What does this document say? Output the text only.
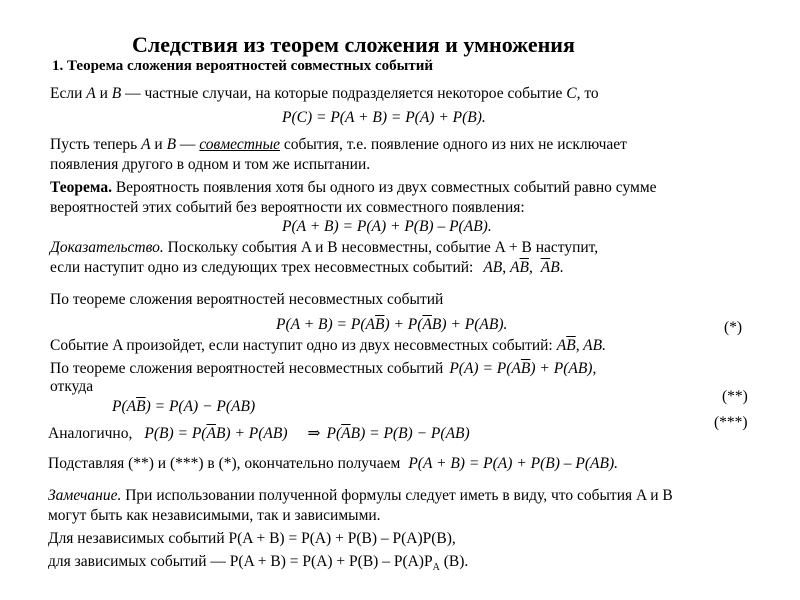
Следствия из теорем сложения и умножения
1. Теорема сложения вероятностей совместных событий
Если A и B — частные случаи, на которые подразделяется некоторое событие C, то
P(C) = P(A + B) = P(A) + P(B).
Пусть теперь A и B — совместные события, т.е. появление одного из них не исключает
появления другого в одном и том же испытании.
Теорема. Вероятность появления хотя бы одного из двух совместных событий равно сумме
вероятностей этих событий без вероятности их совместного появления:
P(A + B) = P(A) + P(B) – P(AB).
Доказательство. Поскольку события A и B несовместны, событие A + B наступит,
если наступит одно из следующих трех несовместных событий: AB, $A\overline{B}$, $\overline{A}B$.
По теореме сложения вероятностей несовместных событий
$P(A + B) = P(A\overline{B}) + P(\overline{A}B) + P(AB)$.	(*)
Событие A произойдет, если наступит одно из двух несовместных событий: $A\overline{B}$, AB.
По теореме сложения вероятностей несовместных событий $P(A) = P(A\overline{B}) + P(AB)$,
откуда
$P(A\overline{B}) = P(A) - P(AB)$
(**)
(***)
Аналогично, $P(B) = P(\overline{A}B) + P(AB)$ ⇒ $P(\overline{A}B) = P(B) - P(AB)$
Подставляя (**) и (***) в (*), окончательно получаем P(A + B) = P(A) + P(B) – P(AB).
Замечание. При использовании полученной формулы следует иметь в виду, что события A и B
могут быть как независимыми, так и зависимыми.
Для независимых событий P(A + B) = P(A) + P(B) – P(A)P(B),
для зависимых событий — $P(A + B) = P(A) + P(B) - P(A)P_A$ (B).
